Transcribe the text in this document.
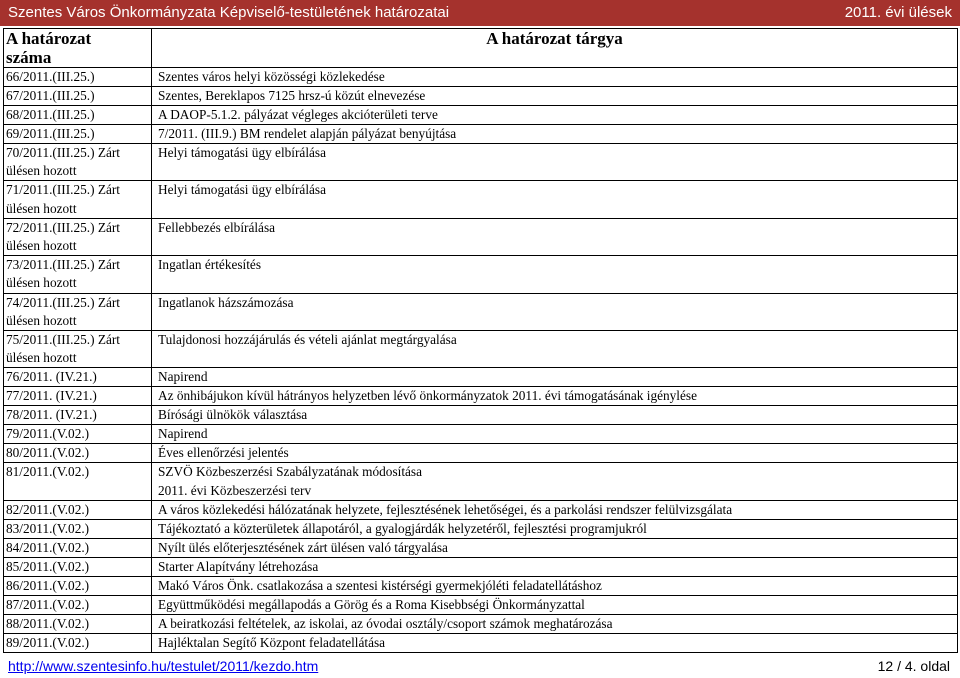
Szentes Város Önkormányzata Képviselő-testületének határozatai	2011. évi ülések
A határozat
száma	A határozat tárgya
66/2011.(III.25.)	Szentes város helyi közösségi közlekedése
67/2011.(III.25.)	Szentes, Bereklapos 7125 hrsz-ú közút elnevezése
68/2011.(III.25.)	A DAOP-5.1.2. pályázat végleges akcióterületi terve
69/2011.(III.25.)	7/2011. (III.9.) BM rendelet alapján pályázat benyújtása
70/2011.(III.25.) Zárt
ülésen hozott	Helyi támogatási ügy elbírálása
71/2011.(III.25.) Zárt
ülésen hozott	Helyi támogatási ügy elbírálása
72/2011.(III.25.) Zárt
ülésen hozott	Fellebbezés elbírálása
73/2011.(III.25.) Zárt
ülésen hozott	Ingatlan értékesítés
74/2011.(III.25.) Zárt
ülésen hozott	Ingatlanok házszámozása
75/2011.(III.25.) Zárt
ülésen hozott	Tulajdonosi hozzájárulás és vételi ajánlat megtárgyalása
76/2011. (IV.21.)	Napirend
77/2011. (IV.21.)	Az önhibájukon kívül hátrányos helyzetben lévő önkormányzatok 2011. évi támogatásának igénylése
78/2011. (IV.21.)	Bírósági ülnökök választása
79/2011.(V.02.)	Napirend
80/2011.(V.02.)	Éves ellenőrzési jelentés
81/2011.(V.02.)	SZVÖ Közbeszerzési Szabályzatának módosítása
2011. évi Közbeszerzési terv
82/2011.(V.02.)	A város közlekedési hálózatának helyzete, fejlesztésének lehetőségei, és a parkolási rendszer felülvizsgálata
83/2011.(V.02.)	Tájékoztató a közterületek állapotáról, a gyalogjárdák helyzetéről, fejlesztési programjukról
84/2011.(V.02.)	Nyílt ülés előterjesztésének zárt ülésen való tárgyalása
85/2011.(V.02.)	Starter Alapítvány létrehozása
86/2011.(V.02.)	Makó Város Önk. csatlakozása a szentesi kistérségi gyermekjóléti feladatellátáshoz
87/2011.(V.02.)	Együttműködési megállapodás a Görög és a Roma Kisebbségi Önkormányzattal
88/2011.(V.02.)	A beiratkozási feltételek, az iskolai, az óvodai osztály/csoport számok meghatározása
89/2011.(V.02.)	Hajléktalan Segítő Központ feladatellátása
http://www.szentesinfo.hu/testulet/2011/kezdo.htm	12 / 4. oldal
